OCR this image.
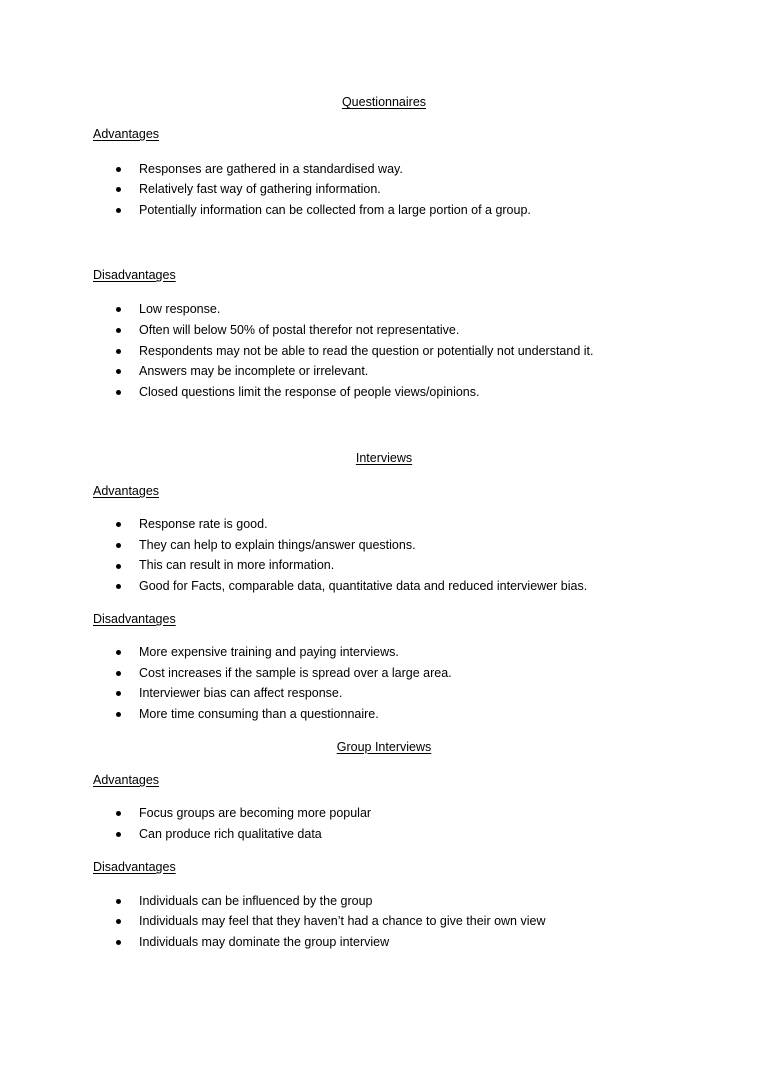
Questionnaires
Advantages
Responses are gathered in a standardised way.
Relatively fast way of gathering information.
Potentially information can be collected from a large portion of a group.
Disadvantages
Low response.
Often will below 50% of postal therefor not representative.
Respondents may not be able to read the question or potentially not understand it.
Answers may be incomplete or irrelevant.
Closed questions limit the response of people views/opinions.
Interviews
Advantages
Response rate is good.
They can help to explain things/answer questions.
This can result in more information.
Good for Facts, comparable data, quantitative data and reduced interviewer bias.
Disadvantages
More expensive training and paying interviews.
Cost increases if the sample is spread over a large area.
Interviewer bias can affect response.
More time consuming than a questionnaire.
Group Interviews
Advantages
Focus groups are becoming more popular
Can produce rich qualitative data
Disadvantages
Individuals can be influenced by the group
Individuals may feel that they haven’t had a chance to give their own view
Individuals may dominate the group interview
